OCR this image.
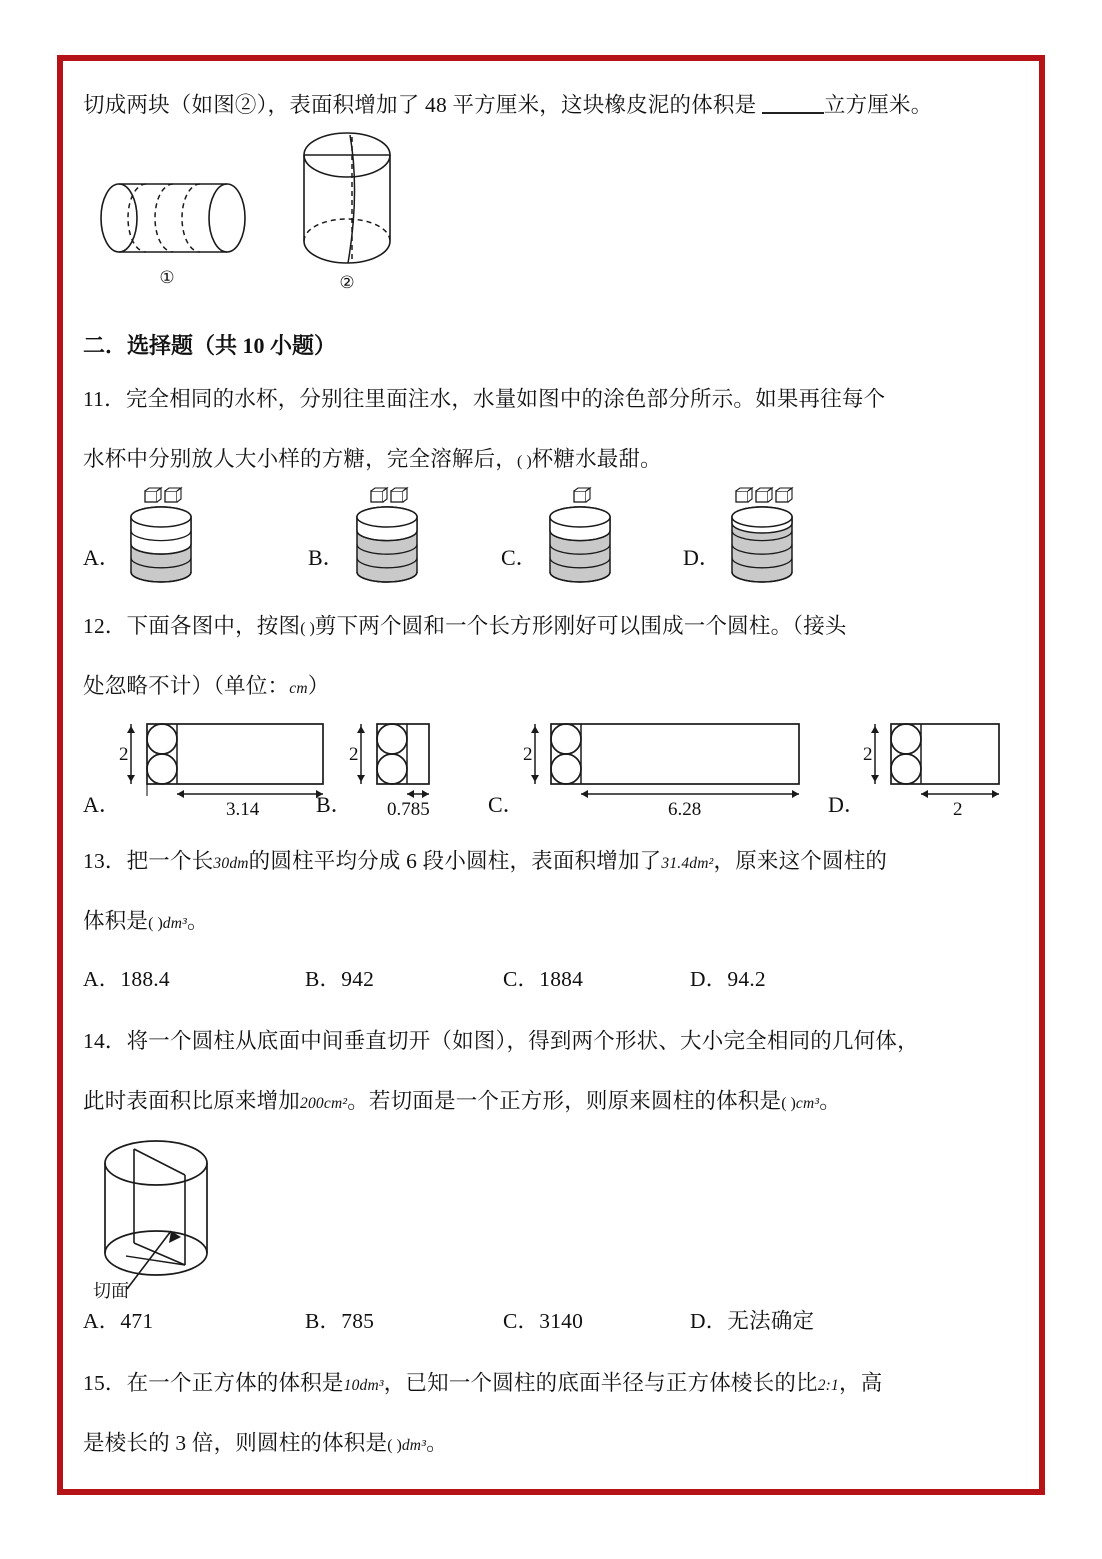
切成两块（如图②），表面积增加了 48 平方厘米，这块橡皮泥的体积是	立方厘米。
①	②
二．选择题（共 10 小题）
11．完全相同的水杯，分别往里面注水，水量如图中的涂色部分所示。如果再往每个
水杯中分别放人大小样的方糖，完全溶解后，( )杯糖水最甜。
A．	B．	C．	D．
12．下面各图中，按图( )剪下两个圆和一个长方形刚好可以围成一个圆柱。（接头
处忽略不计）（单位：cm）
A．
2
3.14	B．
2
0.785	C．
2
6.28	D．
2
2
13．把一个长30dm的圆柱平均分成 6 段小圆柱，表面积增加了31.4dm²，原来这个圆柱的
体积是( )dm³。
A．188.4	B．942	C．1884	D．94.2
14．将一个圆柱从底面中间垂直切开（如图），得到两个形状、大小完全相同的几何体，
此时表面积比原来增加200cm²。若切面是一个正方形，则原来圆柱的体积是( )cm³。
切面
A．471	B．785	C．3140	D．无法确定
15．在一个正方体的体积是10dm³，已知一个圆柱的底面半径与正方体棱长的比2:1，高
是棱长的 3 倍，则圆柱的体积是( )dm³。
